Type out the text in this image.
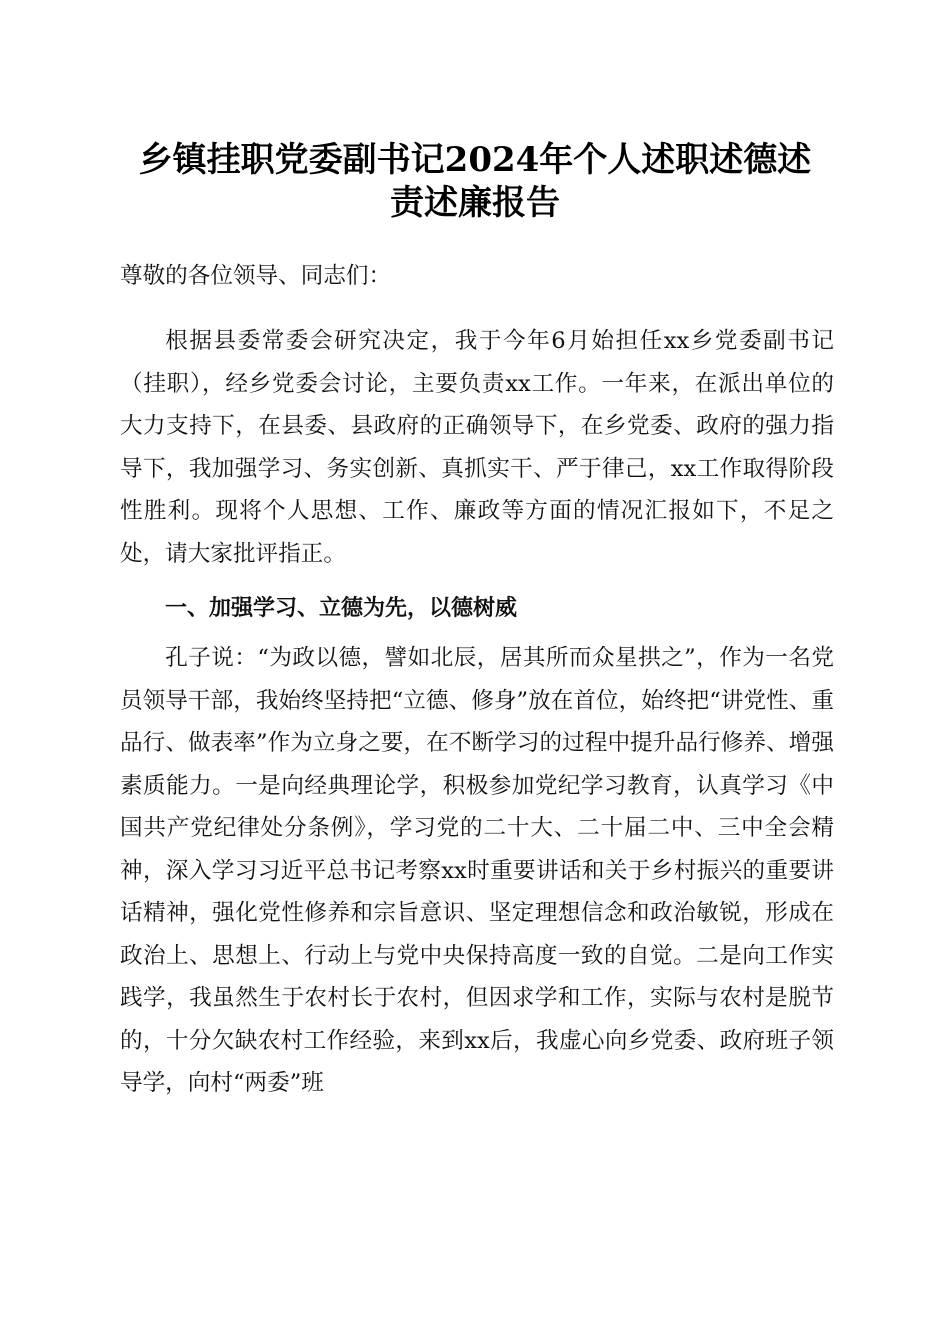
乡镇挂职党委副书记2024年个人述职述德述
责述廉报告
尊敬的各位领导、同志们：
根据县委常委会研究决定，我于今年6月始担任xx乡党委副书记（挂职），经乡党委会讨论，主要负责xx工作。一年来，在派出单位的大力支持下，在县委、县政府的正确领导下，在乡党委、政府的强力指导下，我加强学习、务实创新、真抓实干、严于律己，xx工作取得阶段性胜利。现将个人思想、工作、廉政等方面的情况汇报如下，不足之处，请大家批评指正。
一、加强学习、立德为先，以德树威
孔子说：“为政以德，譬如北辰，居其所而众星拱之”，作为一名党员领导干部，我始终坚持把“立德、修身”放在首位，始终把“讲党性、重品行、做表率”作为立身之要，在不断学习的过程中提升品行修养、增强素质能力。一是向经典理论学，积极参加党纪学习教育，认真学习《中国共产党纪律处分条例》，学习党的二十大、二十届二中、三中全会精神，深入学习习近平总书记考察xx时重要讲话和关于乡村振兴的重要讲话精神，强化党性修养和宗旨意识、坚定理想信念和政治敏锐，形成在政治上、思想上、行动上与党中央保持高度一致的自觉。二是向工作实践学，我虽然生于农村长于农村，但因求学和工作，实际与农村是脱节的，十分欠缺农村工作经验，来到xx后，我虚心向乡党委、政府班子领导学，向村“两委”班
